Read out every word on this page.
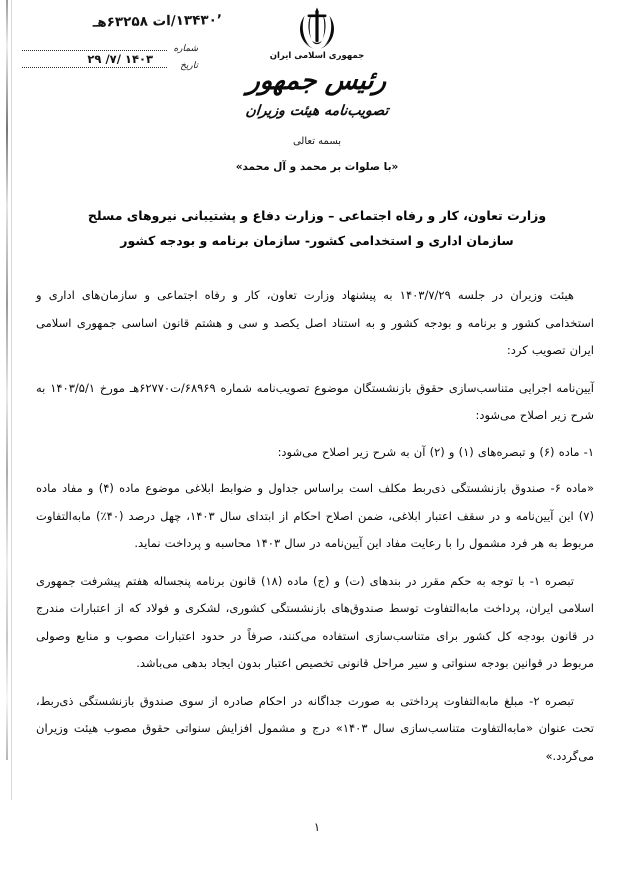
۱۳۴۳۰٬/ات ۶۳۲۵۸هـ
شماره
تاریخ
۱۴۰۳ /۷/ ۲۹	جمهوری اسلامی ایران
رئیس جمهور
تصویب‌نامه هیئت وزیران
بسمه تعالی
«با صلوات بر محمد و آل محمد»
وزارت تعاون، کار و رفاه اجتماعی – وزارت دفاع و پشتیبانی نیروهای مسلح
سازمان اداری و استخدامی کشور- سازمان برنامه و بودجه کشور

هیئت وزیران در جلسه ۱۴۰۳/۷/۲۹ به پیشنهاد وزارت تعاون، کار و رفاه اجتماعی و سازمان‌های اداری و استخدامی کشور و برنامه و بودجه کشور و به استناد اصل یکصد و سی و هشتم قانون اساسی جمهوری اسلامی ایران تصویب کرد:

آیین‌نامه اجرایی متناسب‌سازی حقوق بازنشستگان موضوع تصویب‌نامه شماره ۶۸۹۶۹/ت۶۲۷۷۰هـ مورخ ۱۴۰۳/۵/۱ به شرح زیر اصلاح می‌شود:

۱- ماده (۶) و تبصره‌های (۱) و (۲) آن به شرح زیر اصلاح می‌شود:

«ماده ۶- صندوق بازنشستگی ذی‌ربط مکلف است براساس جداول و ضوابط ابلاغی موضوع ماده (۴) و مفاد ماده (۷) این آیین‌نامه و در سقف اعتبار ابلاغی، ضمن اصلاح احکام از ابتدای سال ۱۴۰۳، چهل درصد (۴۰٪) مابه‌التفاوت مربوط به هر فرد مشمول را با رعایت مفاد این آیین‌نامه در سال ۱۴۰۳ محاسبه و پرداخت نماید.

تبصره ۱- با توجه به حکم مقرر در بندهای (ت) و (ج) ماده (۱۸) قانون برنامه پنجساله هفتم پیشرفت جمهوری اسلامی ایران، پرداخت مابه‌التفاوت توسط صندوق‌های بازنشستگی کشوری، لشکری و فولاد که از اعتبارات مندرج در قانون بودجه کل کشور برای متناسب‌سازی استفاده می‌کنند، صرفاً در حدود اعتبارات مصوب و منابع وصولی مربوط در قوانین بودجه سنواتی و سیر مراحل قانونی تخصیص اعتبار بدون ایجاد بدهی می‌باشد.

تبصره ۲- مبلغ مابه‌التفاوت پرداختی به صورت جداگانه در احکام صادره از سوی صندوق بازنشستگی ذی‌ربط، تحت عنوان «مابه‌التفاوت متناسب‌سازی سال ۱۴۰۳» درج و مشمول افزایش سنواتی حقوق مصوب هیئت وزیران می‌گردد.»

۱
